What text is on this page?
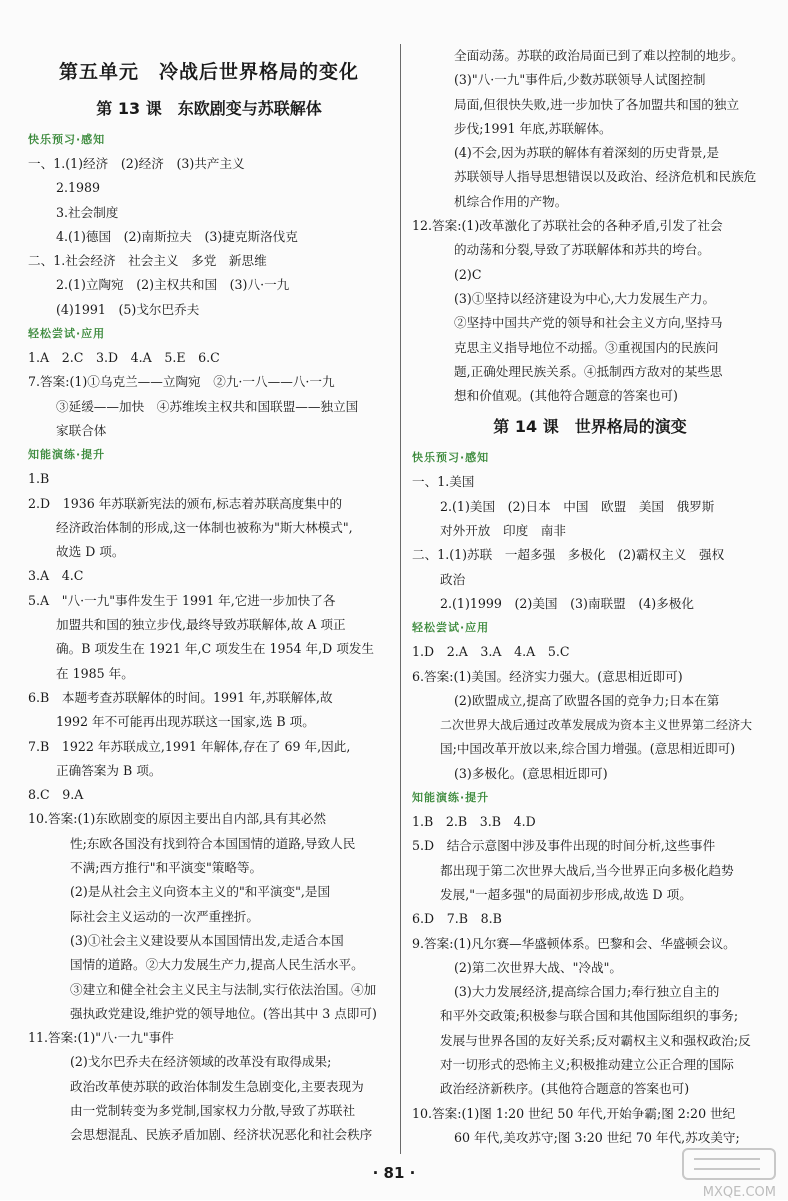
第五单元　冷战后世界格局的变化
第 13 课　东欧剧变与苏联解体
快乐预习·感知
一、1.(1)经济　(2)经济　(3)共产主义
2.1989
3.社会制度
4.(1)德国　(2)南斯拉夫　(3)捷克斯洛伐克
二、1.社会经济　社会主义　多党　新思维
2.(1)立陶宛　(2)主权共和国　(3)八·一九
(4)1991　(5)戈尔巴乔夫
轻松尝试·应用
1.A　2.C　3.D　4.A　5.E　6.C
7.答案:(1)①乌克兰——立陶宛　②九·一八——八·一九
③延缓——加快　④苏维埃主权共和国联盟——独立国
家联合体
知能演练·提升
1.B
2.D　1936 年苏联新宪法的颁布,标志着苏联高度集中的
经济政治体制的形成,这一体制也被称为"斯大林模式",
故选 D 项。
3.A　4.C
5.A　"八·一九"事件发生于 1991 年,它进一步加快了各
加盟共和国的独立步伐,最终导致苏联解体,故 A 项正
确。B 项发生在 1921 年,C 项发生在 1954 年,D 项发生
在 1985 年。
6.B　本题考查苏联解体的时间。1991 年,苏联解体,故
1992 年不可能再出现苏联这一国家,选 B 项。
7.B　1922 年苏联成立,1991 年解体,存在了 69 年,因此,
正确答案为 B 项。
8.C　9.A
10.答案:(1)东欧剧变的原因主要出自内部,具有其必然
性;东欧各国没有找到符合本国国情的道路,导致人民
不满;西方推行"和平演变"策略等。
(2)是从社会主义向资本主义的"和平演变",是国
际社会主义运动的一次严重挫折。
(3)①社会主义建设要从本国国情出发,走适合本国
国情的道路。②大力发展生产力,提高人民生活水平。
③建立和健全社会主义民主与法制,实行依法治国。④加
强执政党建设,维护党的领导地位。(答出其中 3 点即可)
11.答案:(1)"八·一九"事件
(2)戈尔巴乔夫在经济领域的改革没有取得成果;
政治改革使苏联的政治体制发生急剧变化,主要表现为
由一党制转变为多党制,国家权力分散,导致了苏联社
会思想混乱、民族矛盾加剧、经济状况恶化和社会秩序
全面动荡。苏联的政治局面已到了难以控制的地步。
(3)"八·一九"事件后,少数苏联领导人试图控制
局面,但很快失败,进一步加快了各加盟共和国的独立
步伐;1991 年底,苏联解体。
(4)不会,因为苏联的解体有着深刻的历史背景,是
苏联领导人指导思想错误以及政治、经济危机和民族危
机综合作用的产物。
12.答案:(1)改革激化了苏联社会的各种矛盾,引发了社会
的动荡和分裂,导致了苏联解体和苏共的垮台。
(2)C
(3)①坚持以经济建设为中心,大力发展生产力。
②坚持中国共产党的领导和社会主义方向,坚持马
克思主义指导地位不动摇。③重视国内的民族问
题,正确处理民族关系。④抵制西方敌对的某些思
想和价值观。(其他符合题意的答案也可)
第 14 课　世界格局的演变
快乐预习·感知
一、1.美国
2.(1)美国　(2)日本　中国　欧盟　美国　俄罗斯
对外开放　印度　南非
二、1.(1)苏联　一超多强　多极化　(2)霸权主义　强权
政治
2.(1)1999　(2)美国　(3)南联盟　(4)多极化
轻松尝试·应用
1.D　2.A　3.A　4.A　5.C
6.答案:(1)美国。经济实力强大。(意思相近即可)
(2)欧盟成立,提高了欧盟各国的竞争力;日本在第
二次世界大战后通过改革发展成为资本主义世界第二经济大
国;中国改革开放以来,综合国力增强。(意思相近即可)
(3)多极化。(意思相近即可)
知能演练·提升
1.B　2.B　3.B　4.D
5.D　结合示意图中涉及事件出现的时间分析,这些事件
都出现于第二次世界大战后,当今世界正向多极化趋势
发展,"一超多强"的局面初步形成,故选 D 项。
6.D　7.B　8.B
9.答案:(1)凡尔赛—华盛顿体系。巴黎和会、华盛顿会议。
(2)第二次世界大战、"冷战"。
(3)大力发展经济,提高综合国力;奉行独立自主的
和平外交政策;积极参与联合国和其他国际组织的事务;
发展与世界各国的友好关系;反对霸权主义和强权政治;反
对一切形式的恐怖主义;积极推动建立公正合理的国际
政治经济新秩序。(其他符合题意的答案也可)
10.答案:(1)图 1:20 世纪 50 年代,开始争霸;图 2:20 世纪
60 年代,美攻苏守;图 3:20 世纪 70 年代,苏攻美守;
· 81 ·

MXQE.COM
